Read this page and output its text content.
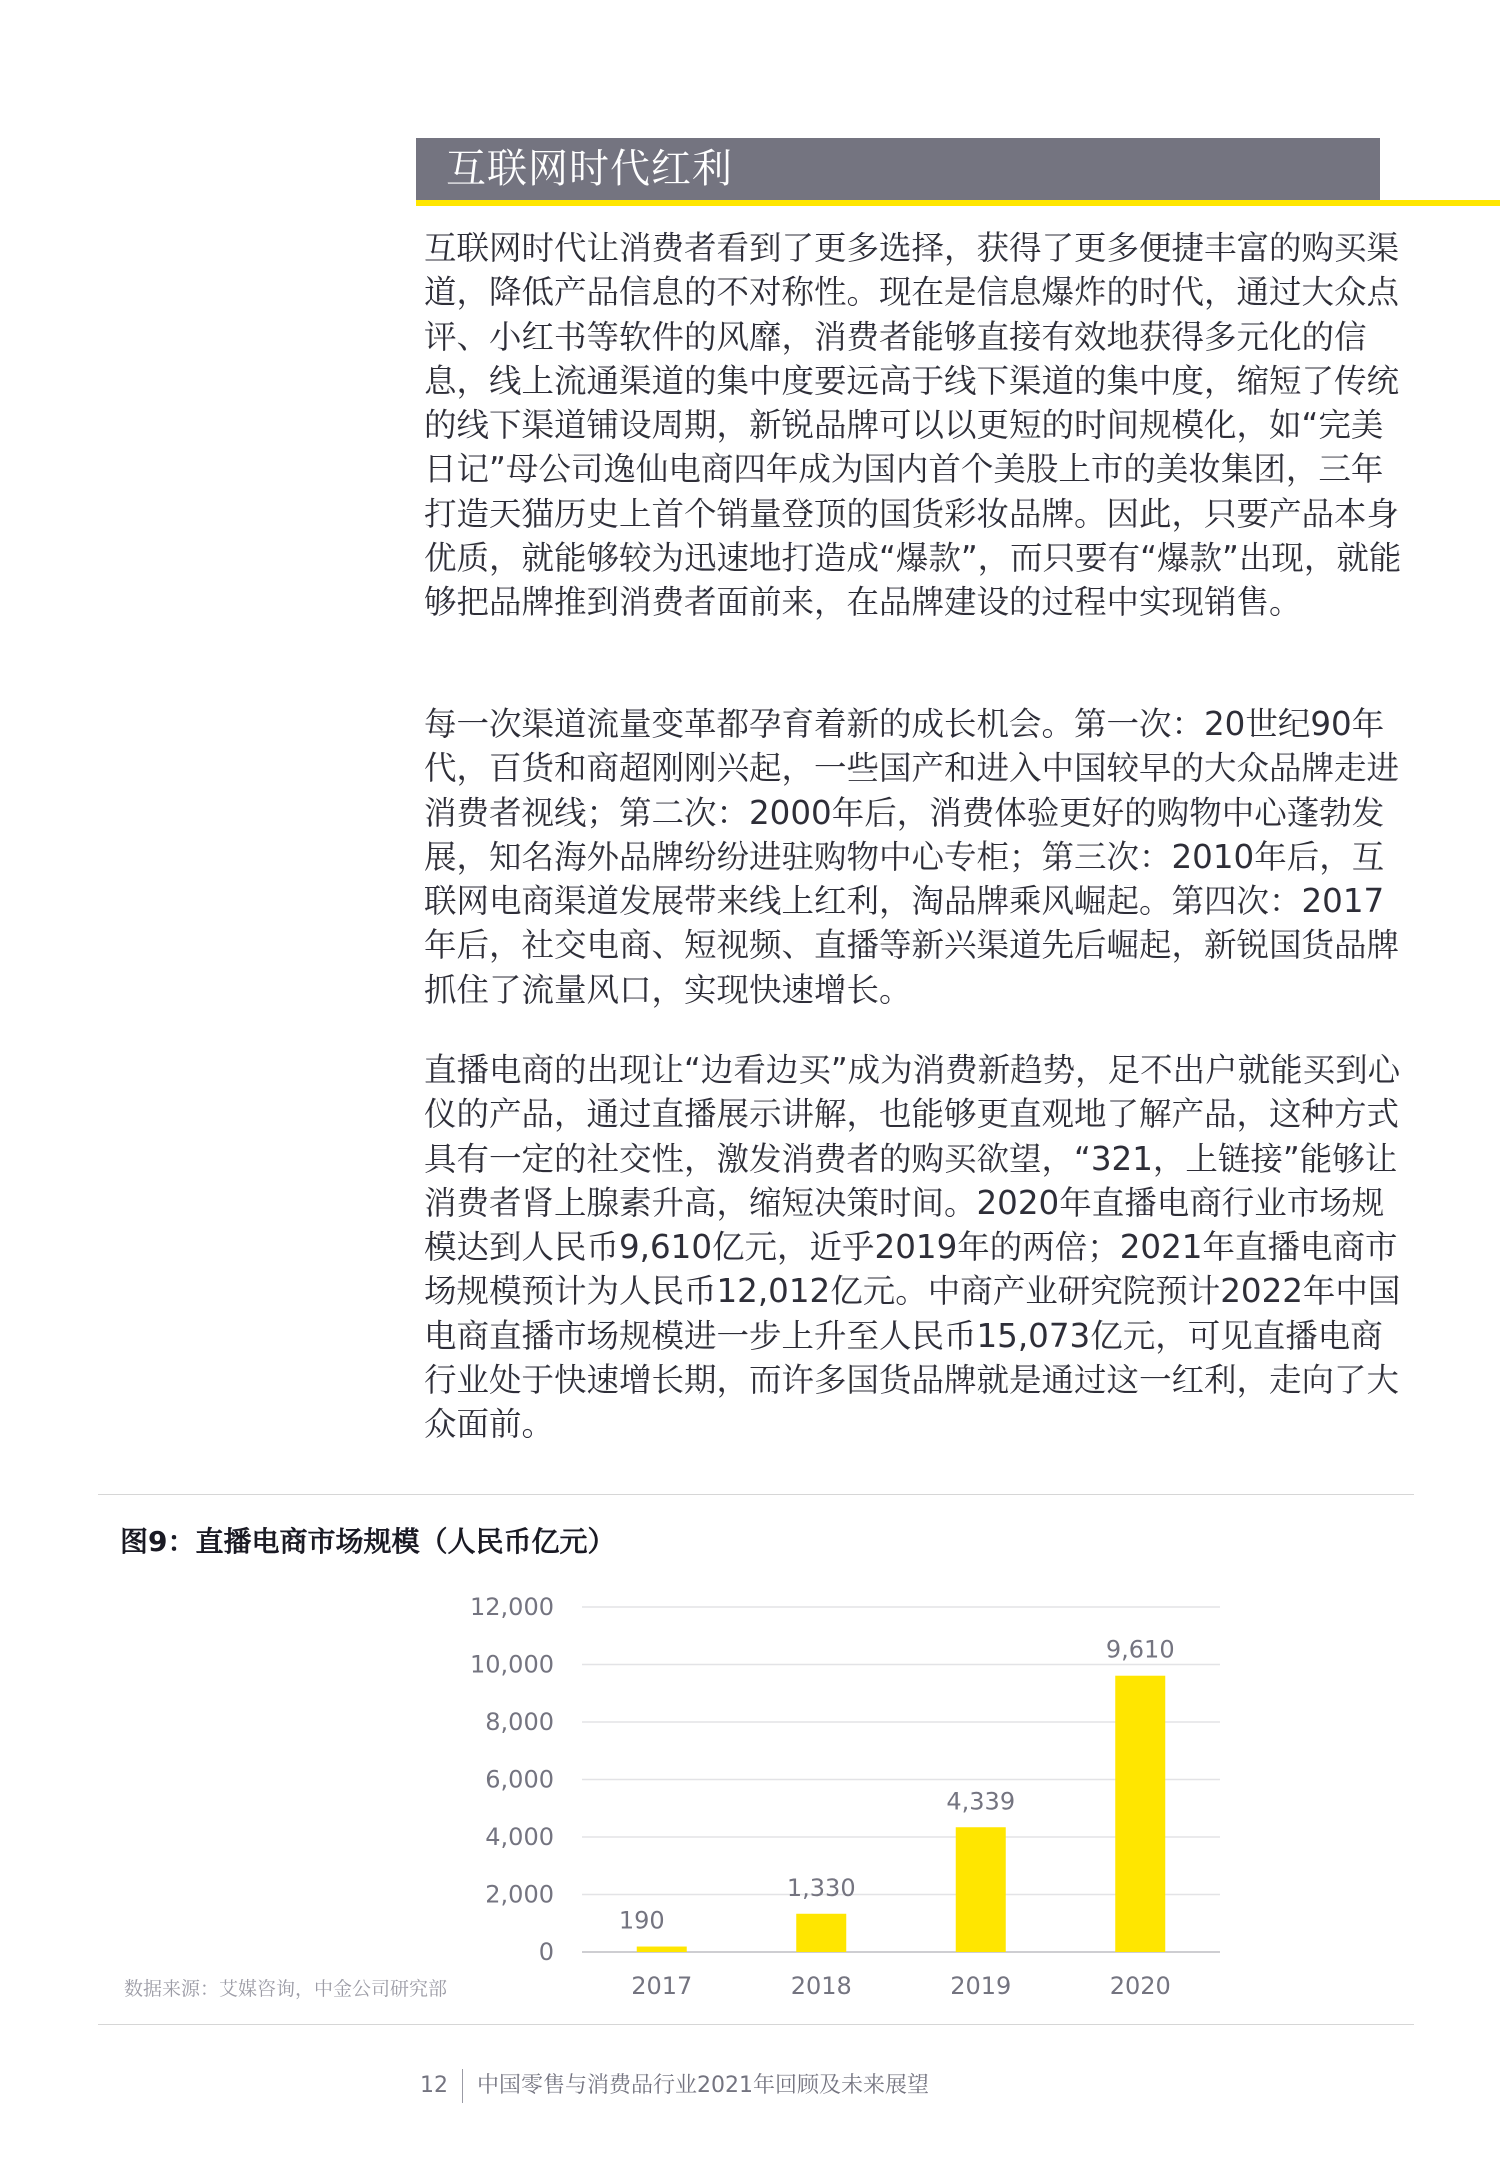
互联网时代红利

互联网时代让消费者看到了更多选择，获得了更多便捷丰富的购买渠道，降低产品信息的不对称性。现在是信息爆炸的时代，通过大众点评、小红书等软件的风靡，消费者能够直接有效地获得多元化的信息，线上流通渠道的集中度要远高于线下渠道的集中度，缩短了传统的线下渠道铺设周期，新锐品牌可以以更短的时间规模化，如“完美日记”母公司逸仙电商四年成为国内首个美股上市的美妆集团，三年打造天猫历史上首个销量登顶的国货彩妆品牌。因此，只要产品本身优质，就能够较为迅速地打造成“爆款”，而只要有“爆款”出现，就能够把品牌推到消费者面前来，在品牌建设的过程中实现销售。

每一次渠道流量变革都孕育着新的成长机会。第一次：20世纪90年代，百货和商超刚刚兴起，一些国产和进入中国较早的大众品牌走进消费者视线；第二次：2000年后，消费体验更好的购物中心蓬勃发展，知名海外品牌纷纷进驻购物中心专柜；第三次：2010年后，互联网电商渠道发展带来线上红利，淘品牌乘风崛起。第四次：2017年后，社交电商、短视频、直播等新兴渠道先后崛起，新锐国货品牌抓住了流量风口，实现快速增长。

直播电商的出现让“边看边买”成为消费新趋势，足不出户就能买到心仪的产品，通过直播展示讲解，也能够更直观地了解产品，这种方式具有一定的社交性，激发消费者的购买欲望，“321，上链接”能够让消费者肾上腺素升高，缩短决策时间。2020年直播电商行业市场规模达到人民币9,610亿元，近乎2019年的两倍；2021年直播电商市场规模预计为人民币12,012亿元。中商产业研究院预计2022年中国电商直播市场规模进一步上升至人民币15,073亿元，可见直播电商行业处于快速增长期，而许多国货品牌就是通过这一红利，走向了大众面前。

图9：直播电商市场规模（人民币亿元）
0
2,000
4,000
6,000
8,000
10,000
12,000
190
2017
1,330
2018
4,339
2019
9,610
2020
数据来源：艾媒咨询，中金公司研究部
12 中国零售与消费品行业2021年回顾及未来展望
